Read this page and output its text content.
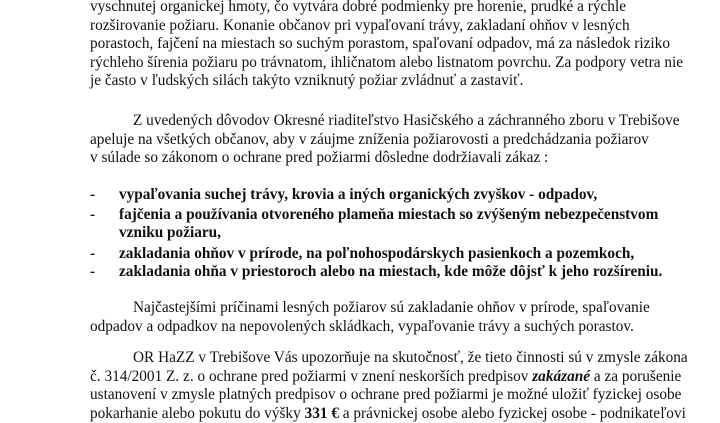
vyschnutej organickej hmoty, čo vytvára dobré podmienky pre horenie, prudké a rýchle
rozširovanie požiaru. Konanie občanov pri vypaľovaní trávy, zakladaní ohňov v lesných
porastoch, fajčení na miestach so suchým porastom, spaľovaní odpadov, má za následok riziko
rýchleho šírenia požiaru po trávnatom, ihličnatom alebo listnatom povrchu. Za podpory vetra nie
je často v ľudských silách takýto vzniknutý požiar zvládnuť a zastaviť.
Z uvedených dôvodov Okresné riaditeľstvo Hasičského a záchranného zboru v Trebišove
apeluje na všetkých občanov, aby v záujme zníženia požiarovosti a predchádzania požiarov
v súlade so zákonom o ochrane pred požiarmi dôsledne dodržiavali zákaz :
- vypaľovania suchej trávy, krovia a iných organických zvyškov - odpadov,
- fajčenia a používania otvoreného plameňa miestach so zvýšeným nebezpečenstvom
vzniku požiaru,
- zakladania ohňov v prírode, na poľnohospodárskych pasienkoch a pozemkoch,
- zakladania ohňa v priestoroch alebo na miestach, kde môže dôjsť k jeho rozšíreniu.
Najčastejšími príčinami lesných požiarov sú zakladanie ohňov v prírode, spaľovanie
odpadov a odpadkov na nepovolených skládkach, vypaľovanie trávy a suchých porastov.
OR HaZZ v Trebišove Vás upozorňuje na skutočnosť, že tieto činnosti sú v zmysle zákona
č. 314/2001 Z. z. o ochrane pred požiarmi v znení neskorších predpisov zakázané a za porušenie
ustanovení v zmysle platných predpisov o ochrane pred požiarmi je možné uložiť fyzickej osobe
pokarhanie alebo pokutu do výšky 331 € a právnickej osobe alebo fyzickej osobe - podnikateľovi
